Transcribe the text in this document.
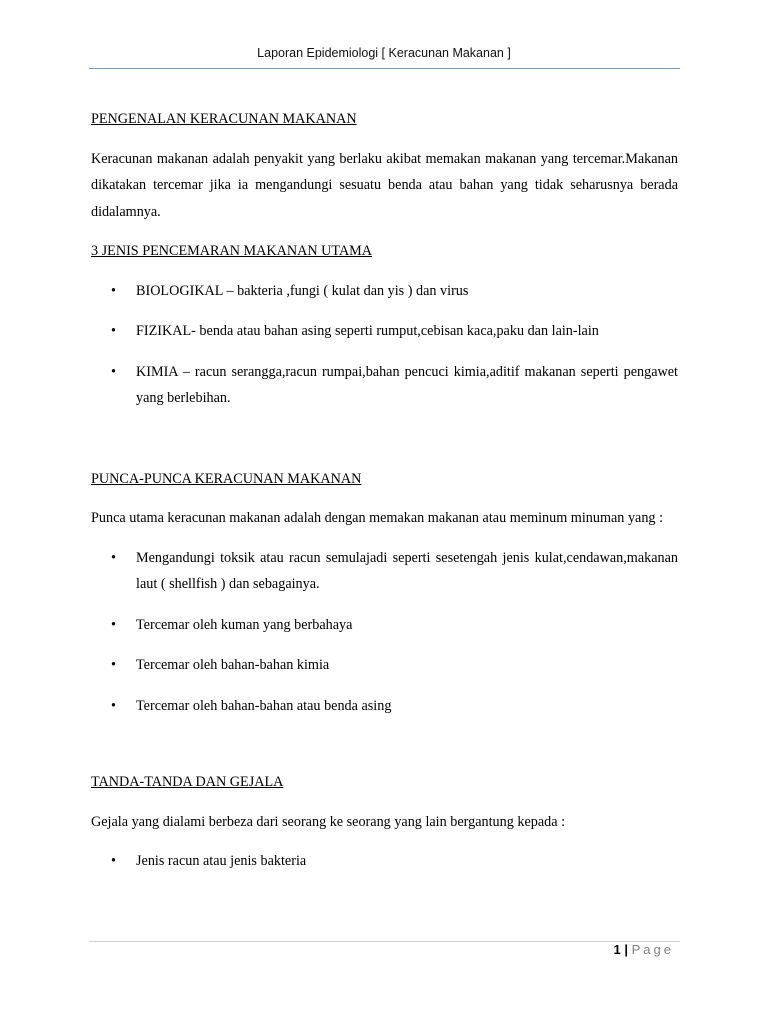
Laporan Epidemiologi [ Keracunan Makanan ]
PENGENALAN KERACUNAN MAKANAN
Keracunan makanan adalah penyakit yang berlaku akibat memakan makanan yang tercemar.Makanan dikatakan tercemar jika ia mengandungi sesuatu benda atau bahan yang tidak seharusnya berada didalamnya.
3 JENIS PENCEMARAN MAKANAN UTAMA
• BIOLOGIKAL – bakteria ,fungi ( kulat dan yis ) dan virus
• FIZIKAL- benda atau bahan asing seperti rumput,cebisan kaca,paku dan lain-lain
• KIMIA – racun serangga,racun rumpai,bahan pencuci kimia,aditif makanan seperti pengawet yang berlebihan.
PUNCA-PUNCA KERACUNAN MAKANAN
Punca utama keracunan makanan adalah dengan memakan makanan atau meminum minuman yang :
• Mengandungi toksik atau racun semulajadi seperti sesetengah jenis kulat,cendawan,makanan laut ( shellfish ) dan sebagainya.
• Tercemar oleh kuman yang berbahaya
• Tercemar oleh bahan-bahan kimia
• Tercemar oleh bahan-bahan atau benda asing
TANDA-TANDA DAN GEJALA
Gejala yang dialami berbeza dari seorang ke seorang yang lain bergantung kepada :
• Jenis racun atau jenis bakteria
1 | Page
